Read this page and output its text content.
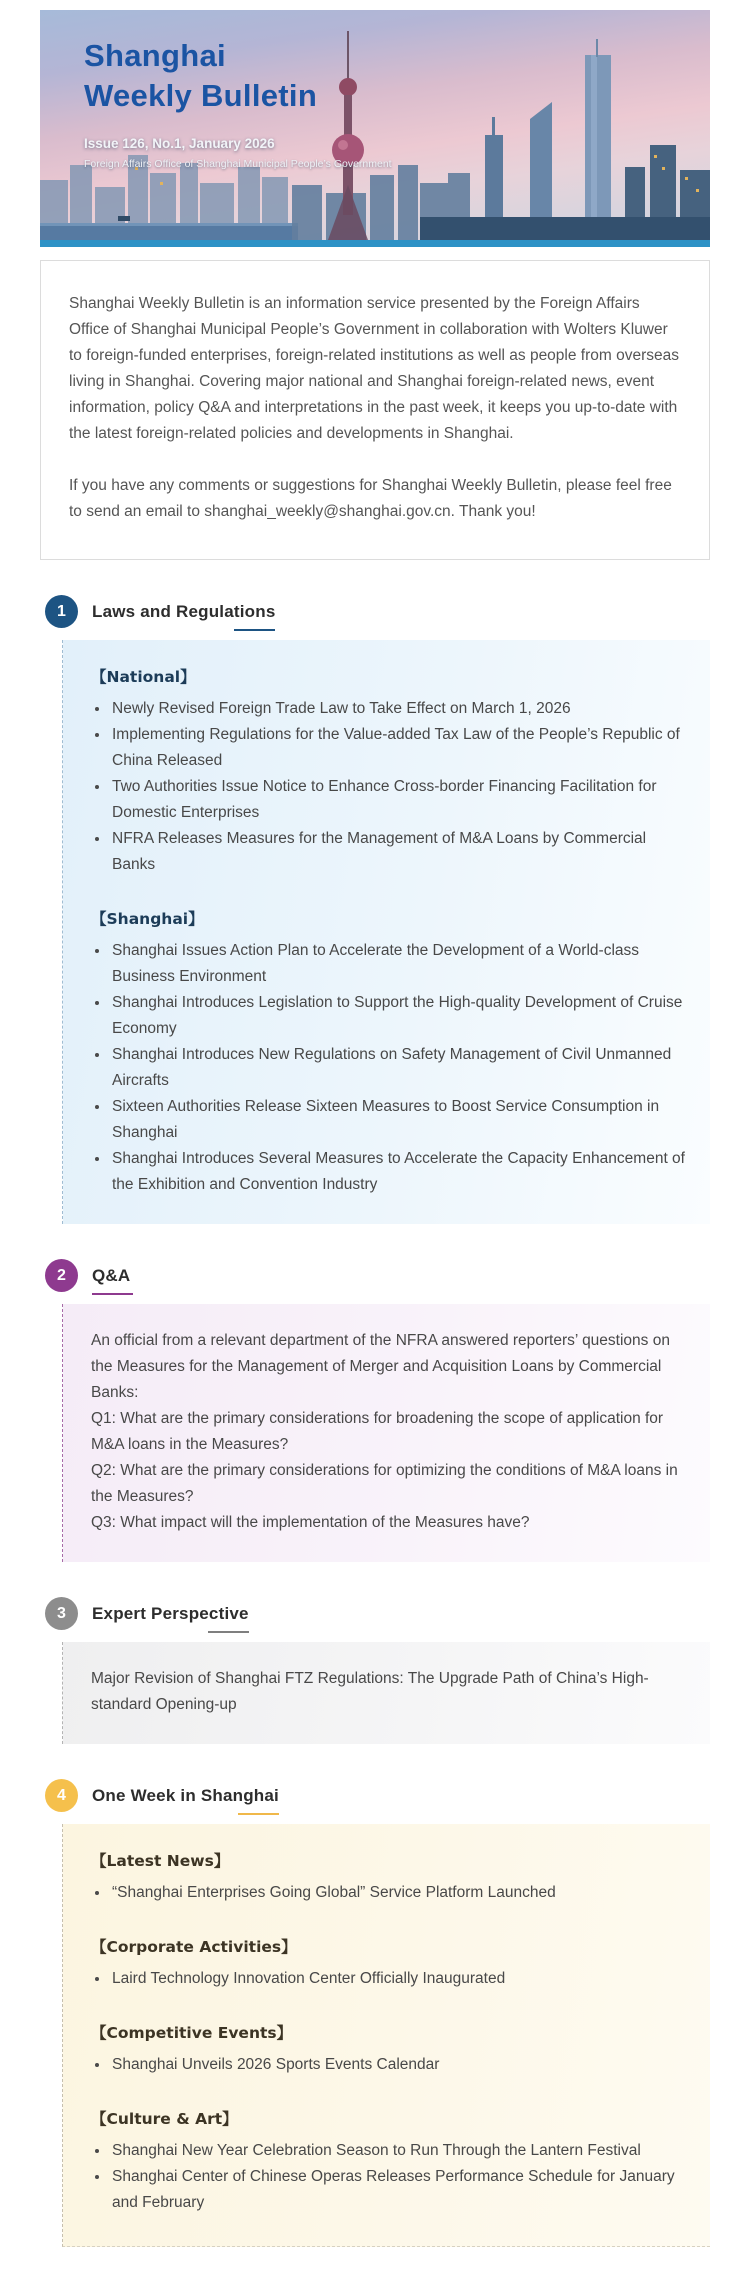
Shanghai
Weekly Bulletin
Issue 126, No.1, January 2026
Foreign Affairs Office of Shanghai Municipal People’s Government

Shanghai Weekly Bulletin is an information service presented by the Foreign Affairs Office of Shanghai Municipal People’s Government in collaboration with Wolters Kluwer to foreign-funded enterprises, foreign-related institutions as well as people from overseas living in Shanghai. Covering major national and Shanghai foreign-related news, event information, policy Q&A and interpretations in the past week, it keeps you up-to-date with the latest foreign-related policies and developments in Shanghai.

If you have any comments or suggestions for Shanghai Weekly Bulletin, please feel free to send an email to shanghai_weekly@shanghai.gov.cn. Thank you!

1	Laws and Regulations
【National】
• Newly Revised Foreign Trade Law to Take Effect on March 1, 2026
• Implementing Regulations for the Value-added Tax Law of the People’s Republic of China Released
• Two Authorities Issue Notice to Enhance Cross-border Financing Facilitation for Domestic Enterprises
• NFRA Releases Measures for the Management of M&A Loans by Commercial Banks
【Shanghai】
• Shanghai Issues Action Plan to Accelerate the Development of a World-class Business Environment
• Shanghai Introduces Legislation to Support the High-quality Development of Cruise Economy
• Shanghai Introduces New Regulations on Safety Management of Civil Unmanned Aircrafts
• Sixteen Authorities Release Sixteen Measures to Boost Service Consumption in Shanghai
• Shanghai Introduces Several Measures to Accelerate the Capacity Enhancement of the Exhibition and Convention Industry
2	Q&A

An official from a relevant department of the NFRA answered reporters’ questions on the Measures for the Management of Merger and Acquisition Loans by Commercial Banks:

Q1: What are the primary considerations for broadening the scope of application for M&A loans in the Measures?

Q2: What are the primary considerations for optimizing the conditions of M&A loans in the Measures?

Q3: What impact will the implementation of the Measures have?

3	Expert Perspective

Major Revision of Shanghai FTZ Regulations: The Upgrade Path of China’s High-standard Opening-up

4	One Week in Shanghai
【Latest News】
• “Shanghai Enterprises Going Global” Service Platform Launched
【Corporate Activities】
• Laird Technology Innovation Center Officially Inaugurated
【Competitive Events】
• Shanghai Unveils 2026 Sports Events Calendar
【Culture & Art】
• Shanghai New Year Celebration Season to Run Through the Lantern Festival
• Shanghai Center of Chinese Operas Releases Performance Schedule for January and February
